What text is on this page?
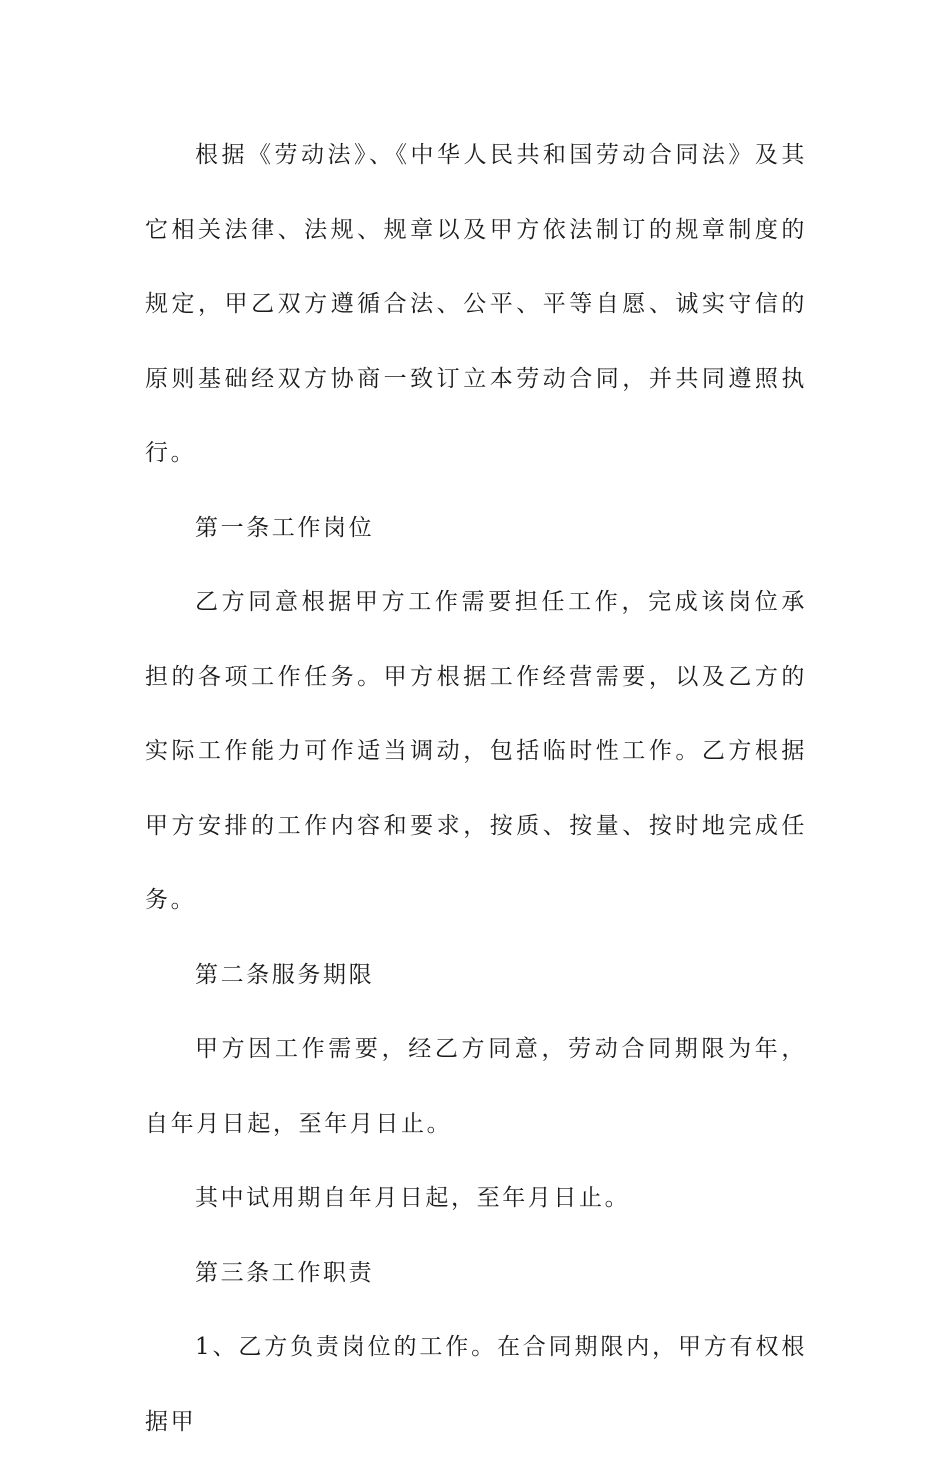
根据《劳动法》、《中华人民共和国劳动合同法》及其它相关法律、法规、规章以及甲方依法制订的规章制度的规定，甲乙双方遵循合法、公平、平等自愿、诚实守信的原则基础经双方协商一致订立本劳动合同，并共同遵照执行。

第一条工作岗位

乙方同意根据甲方工作需要担任工作，完成该岗位承担的各项工作任务。甲方根据工作经营需要，以及乙方的实际工作能力可作适当调动，包括临时性工作。乙方根据甲方安排的工作内容和要求，按质、按量、按时地完成任务。

第二条服务期限

甲方因工作需要，经乙方同意，劳动合同期限为年，自年月日起，至年月日止。

其中试用期自年月日起，至年月日止。

第三条工作职责

1、乙方负责岗位的工作。在合同期限内，甲方有权根据甲
